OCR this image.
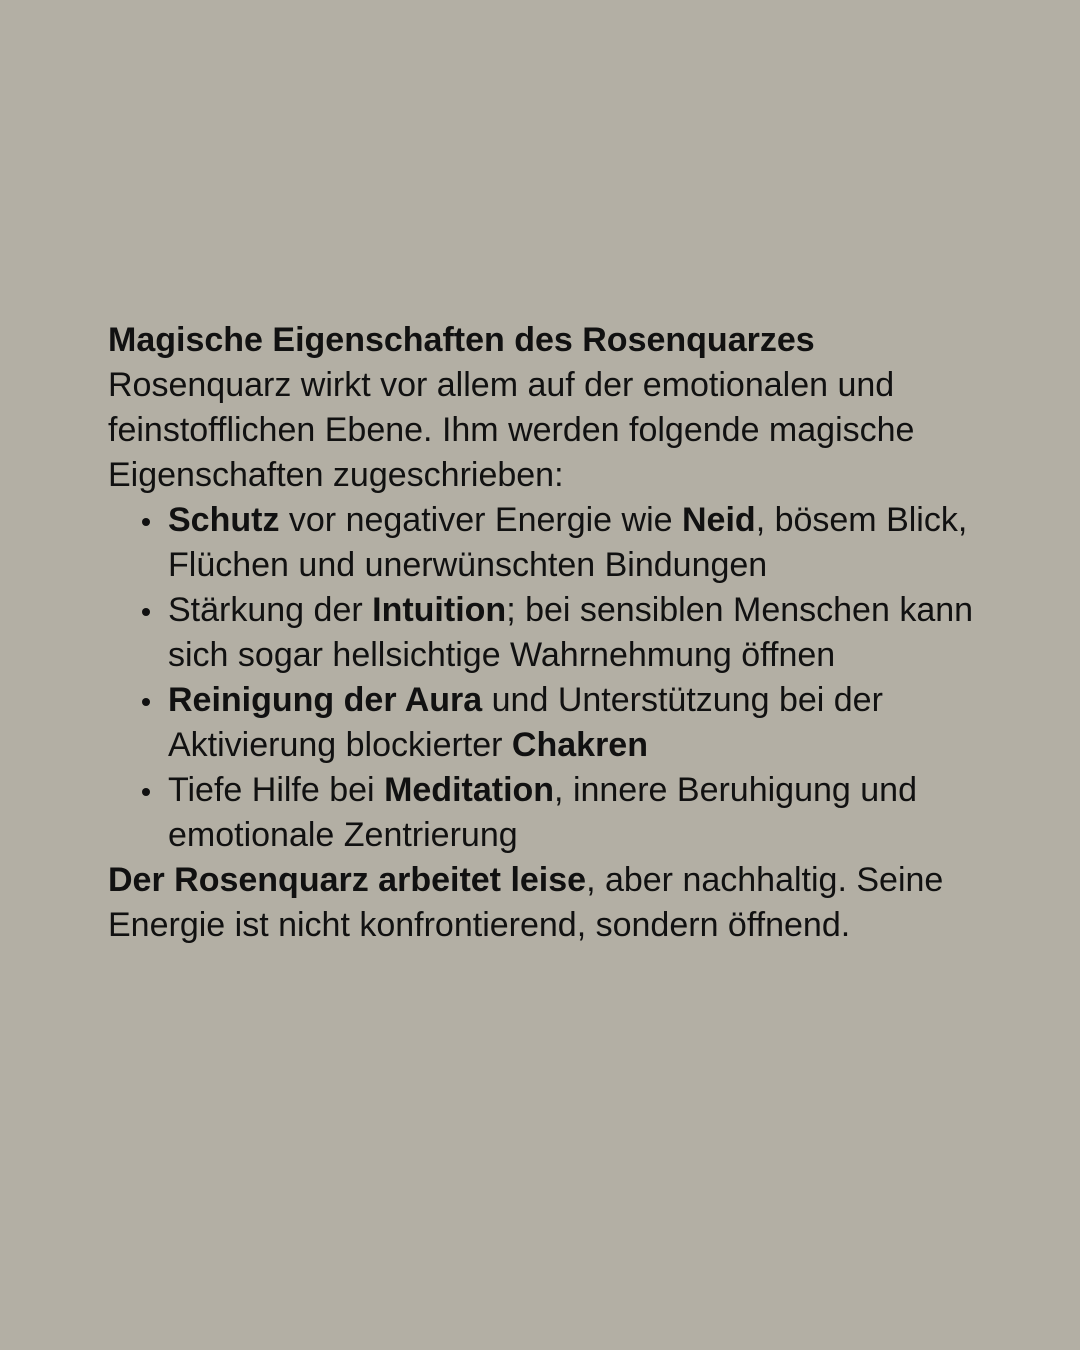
Magische Eigenschaften des Rosenquarzes

Rosenquarz wirkt vor allem auf der emotionalen und feinstofflichen Ebene. Ihm werden folgende magische Eigenschaften zugeschrieben:

Schutz vor negativer Energie wie Neid, bösem Blick, Flüchen und unerwünschten Bindungen
Stärkung der Intuition; bei sensiblen Menschen kann sich sogar hellsichtige Wahrnehmung öffnen
Reinigung der Aura und Unterstützung bei der Aktivierung blockierter Chakren
Tiefe Hilfe bei Meditation, innere Beruhigung und emotionale Zentrierung

Der Rosenquarz arbeitet leise, aber nachhaltig. Seine Energie ist nicht konfrontierend, sondern öffnend.
